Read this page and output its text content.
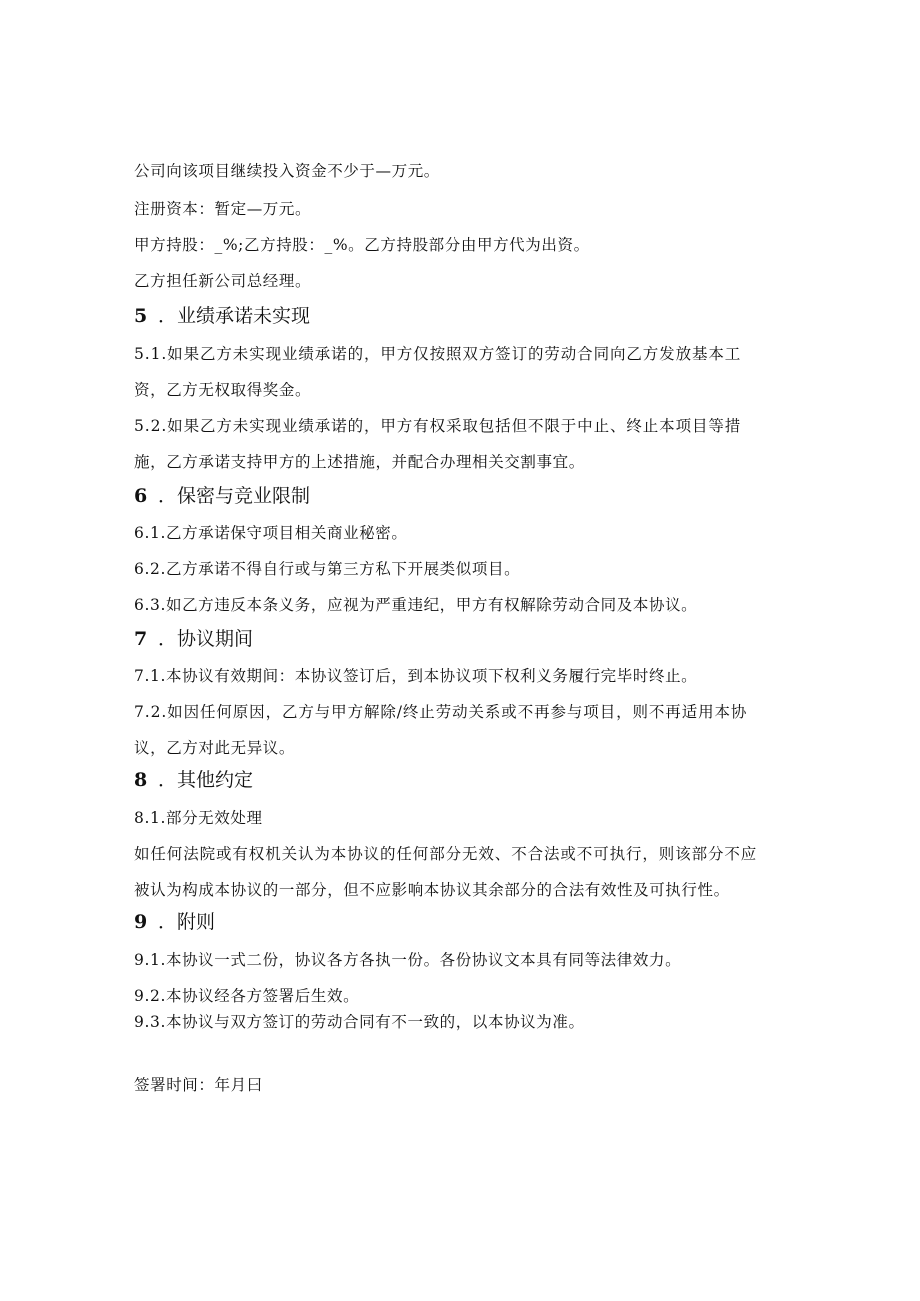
公司向该项目继续投入资金不少于—万元。
注册资本：暂定—万元。
甲方持股：_%;乙方持股：_%。乙方持股部分由甲方代为出资。
乙方担任新公司总经理。
5 ．业绩承诺未实现
5.1.如果乙方未实现业绩承诺的，甲方仅按照双方签订的劳动合同向乙方发放基本工
资，乙方无权取得奖金。
5.2.如果乙方未实现业绩承诺的，甲方有权采取包括但不限于中止、终止本项目等措
施，乙方承诺支持甲方的上述措施，并配合办理相关交割事宜。
6 ．保密与竞业限制
6.1.乙方承诺保守项目相关商业秘密。
6.2.乙方承诺不得自行或与第三方私下开展类似项目。
6.3.如乙方违反本条义务，应视为严重违纪，甲方有权解除劳动合同及本协议。
7 ．协议期间
7.1.本协议有效期间：本协议签订后，到本协议项下权利义务履行完毕时终止。
7.2.如因任何原因，乙方与甲方解除/终止劳动关系或不再参与项目，则不再适用本协
议，乙方对此无异议。
8 ．其他约定
8.1.部分无效处理
如任何法院或有权机关认为本协议的任何部分无效、不合法或不可执行，则该部分不应
被认为构成本协议的一部分，但不应影响本协议其余部分的合法有效性及可执行性。
9 ．附则
9.1.本协议一式二份，协议各方各执一份。各份协议文本具有同等法律效力。
9.2.本协议经各方签署后生效。
9.3.本协议与双方签订的劳动合同有不一致的，以本协议为准。
签署时间：年月曰
